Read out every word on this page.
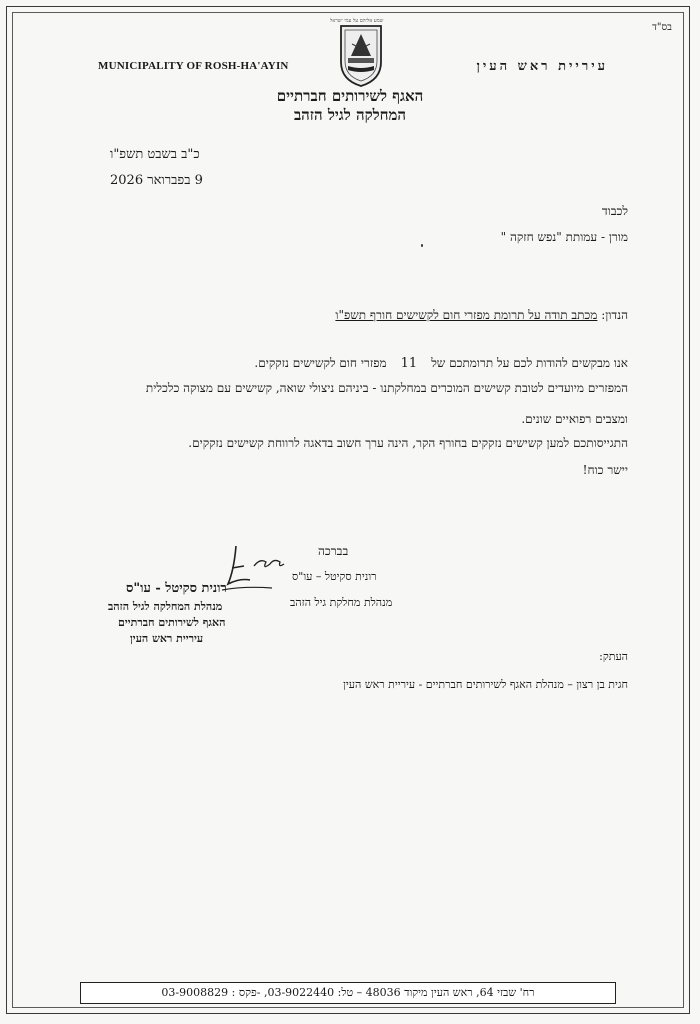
בס"ד
MUNICIPALITY OF ROSH-HA'AYIN
שמע אליהם על עמי ישראל
עיריית ראש העין
האגף לשירותים חברתיים
המחלקה לגיל הזהב
כ"ב בשבט תשפ"ו
9 בפברואר 2026
לכבוד
מורן - עמותת "נפש חזקה "
הנדון: מכתב תודה על תרומת מפזרי חום לקשישים חורף תשפ"ו
אנו מבקשים להודות לכם על תרומתכם של11מפזרי חום לקשישים נזקקים.
המפזרים מיועדים לטובת קשישים המוכרים במחלקתנו - ביניהם ניצולי שואה, קשישים עם מצוקה כלכלית
ומצבים רפואיים שונים.
התגייסותכם למען קשישים נזקקים בחורף הקר, הינה ערך חשוב בדאגה לרווחת קשישים נזקקים.
יישר כוח!
בברכה
רונית סקיטל – עו"ס
מנהלת מחלקת גיל הזהב
רונית סקיטל - עו"ס
מנהלת המחלקה לגיל הזהב
האגף לשירותים חברתיים
עיריית ראש העין
העתק:
חגית בן רצון – מנהלת האגף לשירותים חברתיים - עיריית ראש העין
רח' שבזי 64, ראש העין מיקוד 48036 – טל: 03-9022440, -פקס : 03-9008829
